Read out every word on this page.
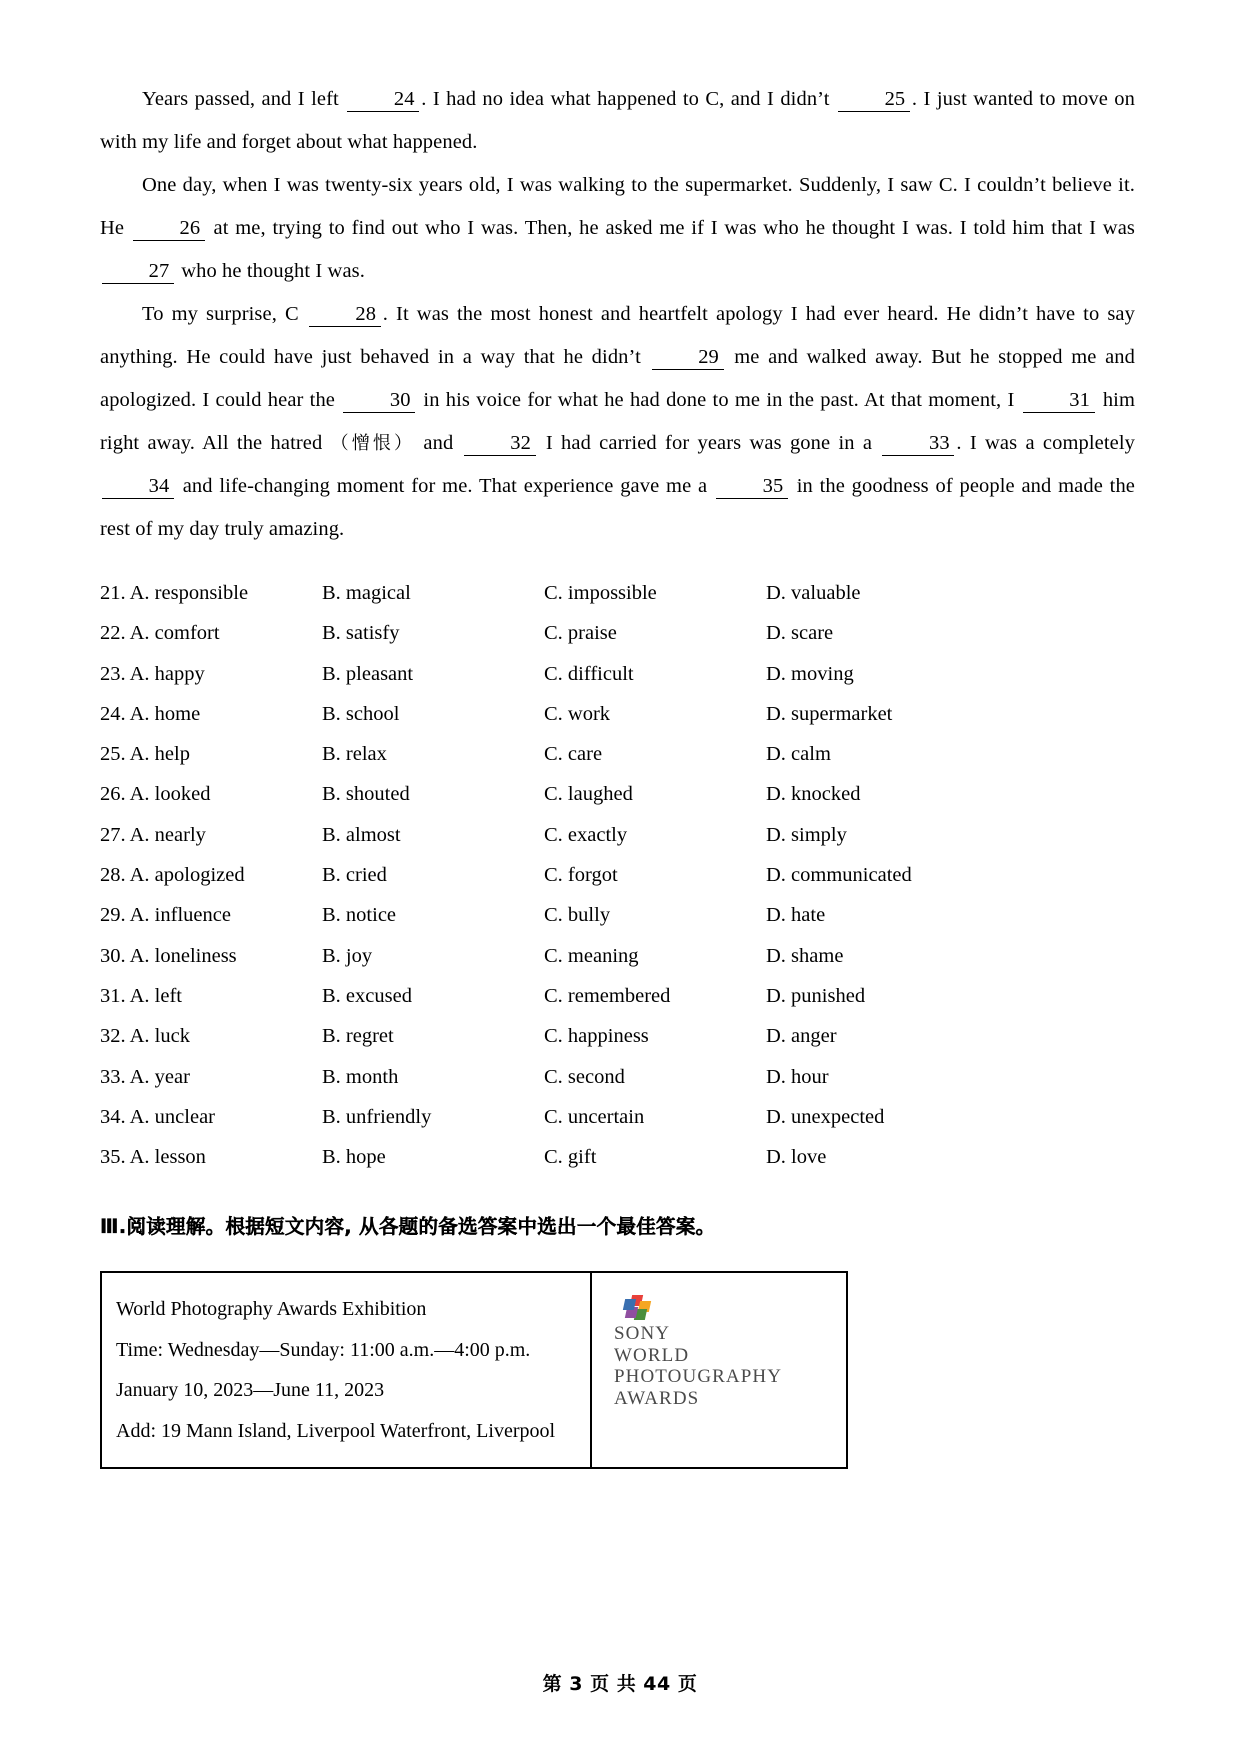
Years passed, and I left 24 . I had no idea what happened to C, and I didn’t 25 . I just wanted to move on with my life and forget about what happened.

One day, when I was twenty-six years old, I was walking to the supermarket. Suddenly, I saw C. I couldn’t believe it. He 26 at me, trying to find out who I was. Then, he asked me if I was who he thought I was. I told him that I was 27 who he thought I was.

To my surprise, C 28 . It was the most honest and heartfelt apology I had ever heard. He didn’t have to say anything. He could have just behaved in a way that he didn’t 29 me and walked away. But he stopped me and apologized. I could hear the 30 in his voice for what he had done to me in the past. At that moment, I 31 him right away. All the hatred （憎恨） and 32 I had carried for years was gone in a 33 . I was a completely 34 and life-changing moment for me. That experience gave me a 35 in the goodness of people and made the rest of my day truly amazing.

21. A. responsible	B. magical	C. impossible	D. valuable
22. A. comfort	B. satisfy	C. praise	D. scare
23. A. happy	B. pleasant	C. difficult	D. moving
24. A. home	B. school	C. work	D. supermarket
25. A. help	B. relax	C. care	D. calm
26. A. looked	B. shouted	C. laughed	D. knocked
27. A. nearly	B. almost	C. exactly	D. simply
28. A. apologized	B. cried	C. forgot	D. communicated
29. A. influence	B. notice	C. bully	D. hate
30. A. loneliness	B. joy	C. meaning	D. shame
31. A. left	B. excused	C. remembered	D. punished
32. A. luck	B. regret	C. happiness	D. anger
33. A. year	B. month	C. second	D. hour
34. A. unclear	B. unfriendly	C. uncertain	D. unexpected
35. A. lesson	B. hope	C. gift	D. love
Ⅲ.阅读理解。根据短文内容, 从各题的备选答案中选出一个最佳答案。

World Photography Awards Exhibition

Time: Wednesday—Sunday: 11:00 a.m.—4:00 p.m.

January 10, 2023—June 11, 2023

Add: 19 Mann Island, Liverpool Waterfront, Liverpool

SONY
WORLD
PHOTOUGRAPHY
AWARDS
第 3 页 共 44 页
